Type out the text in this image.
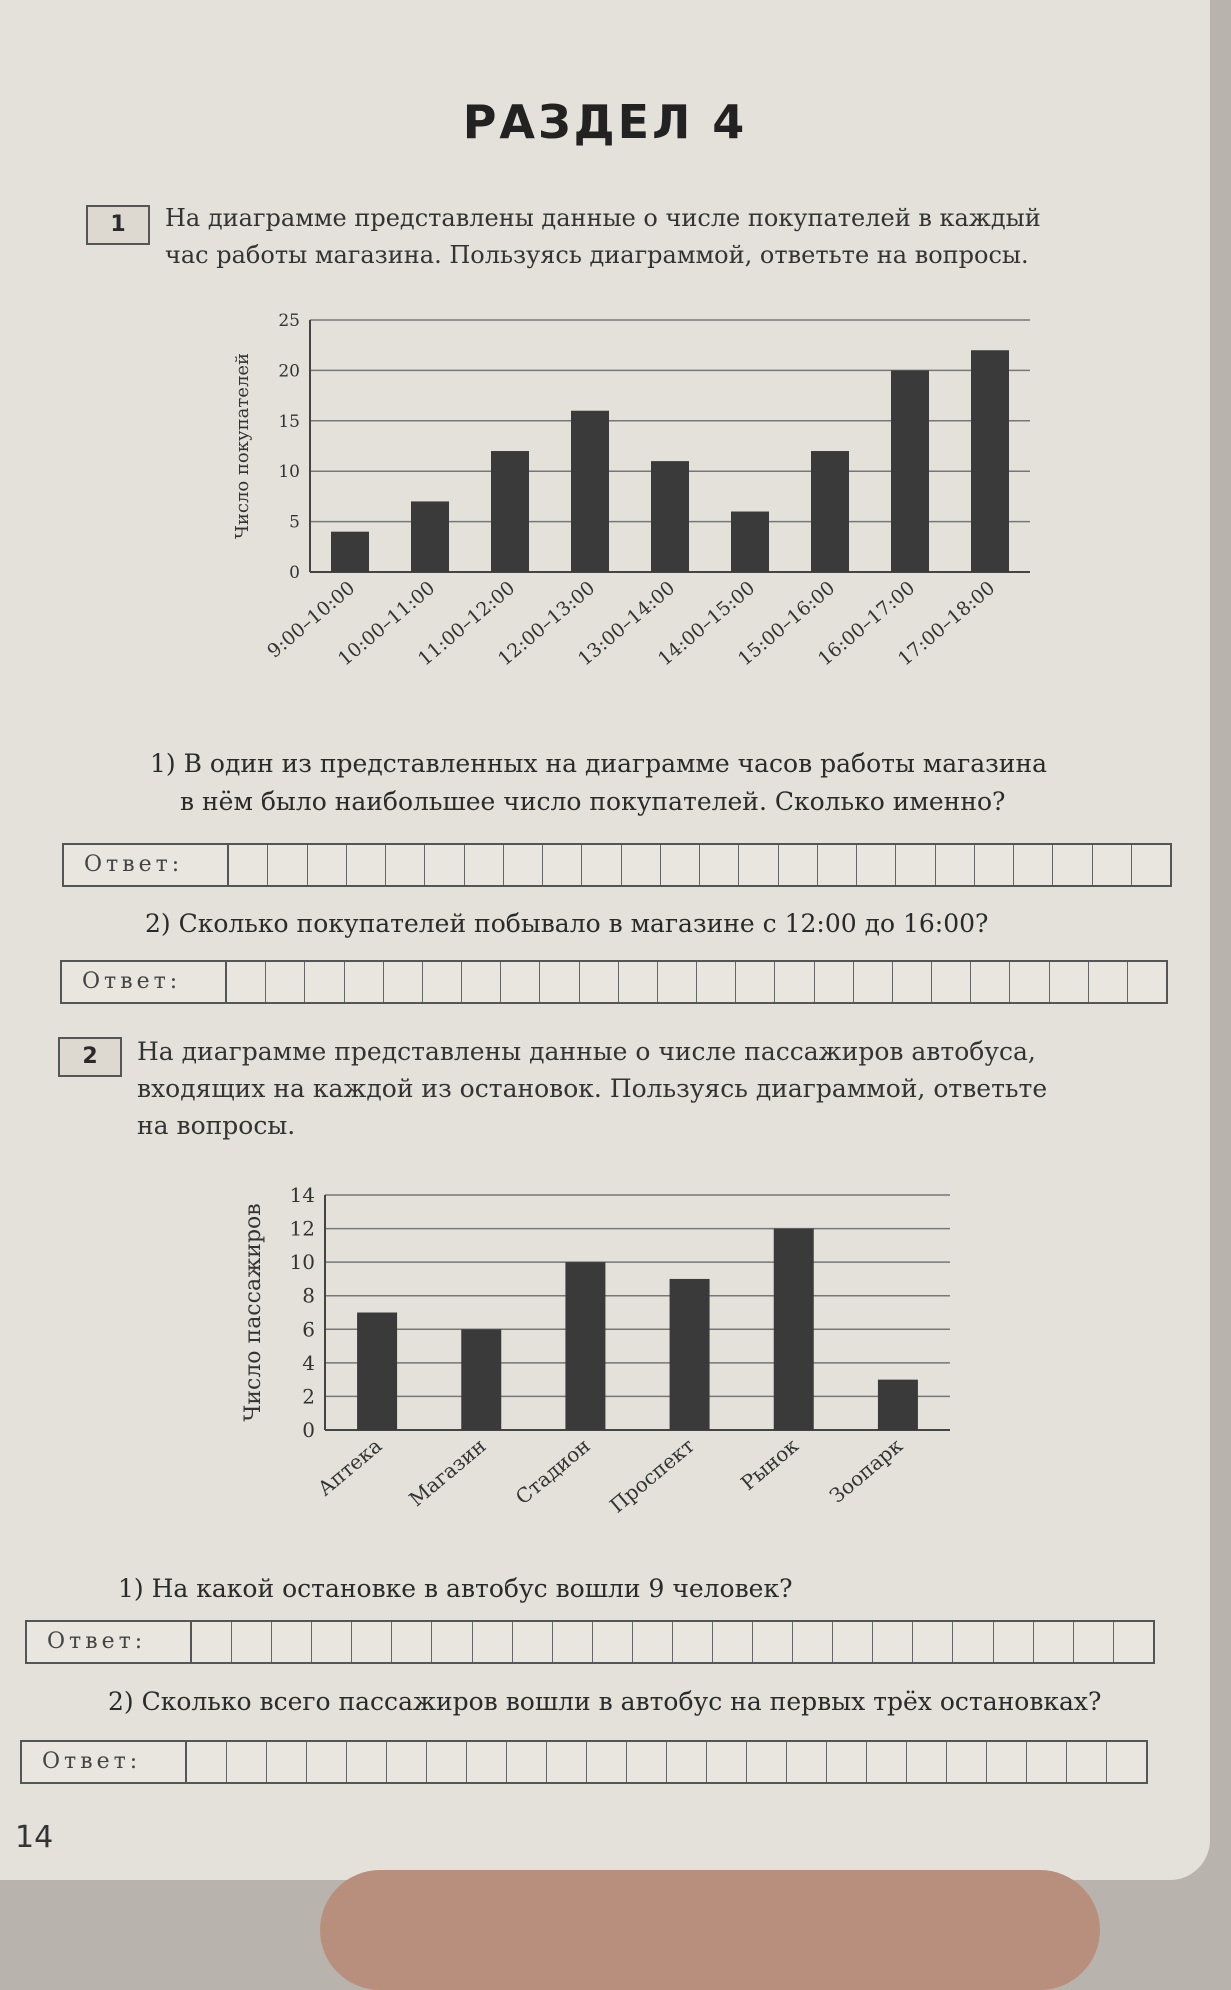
РАЗДЕЛ 4
1	На диаграмме представлены данные о числе покупателей в каждый
час работы магазина. Пользуясь диаграммой, ответьте на вопросы.
0
5
10
15
20
25
Число покупателей
9:00–10:00
10:00–11:00
11:00–12:00
12:00–13:00
13:00–14:00
14:00–15:00
15:00–16:00
16:00–17:00
17:00–18:00
1) В один из представленных на диаграмме часов работы магазина
в нём было наибольшее число покупателей. Сколько именно?
Ответ:
2) Сколько покупателей побывало в магазине с 12:00 до 16:00?
Ответ:
2	На диаграмме представлены данные о числе пассажиров автобуса,
входящих на каждой из остановок. Пользуясь диаграммой, ответьте
на вопросы.
0
2
4
6
8
10
12
14
Число пассажиров
Аптека Магазин Стадион Проспект Рынок Зоопарк
1) На какой остановке в автобус вошли 9 человек?
Ответ:
2) Сколько всего пассажиров вошли в автобус на первых трёх остановках?
Ответ:
14
